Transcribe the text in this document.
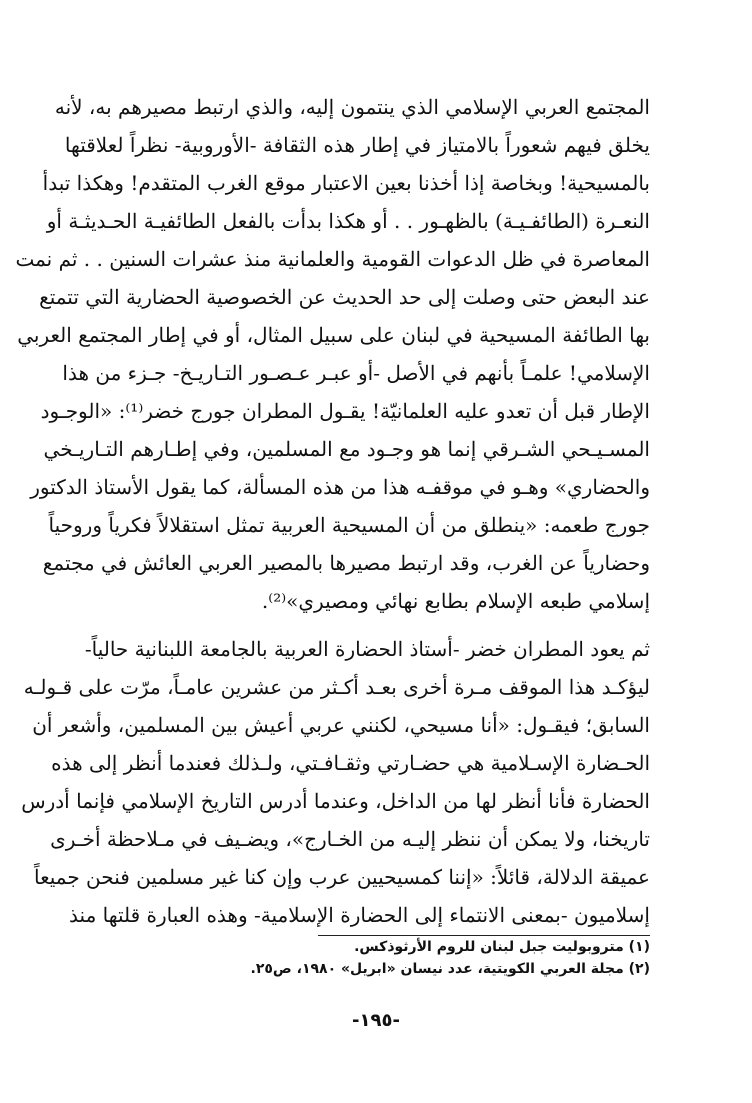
المجتمع العربي الإسلامي الذي ينتمون إليه، والذي ارتبط مصيرهم به، لأنه
يخلق فيهم شعوراً بالامتياز في إطار هذه الثقافة -الأوروبية- نظراً لعلاقتها
بالمسيحية! وبخاصة إذا أخذنا بعين الاعتبار موقع الغرب المتقدم! وهكذا تبدأ
النعـرة (الطائفـيـة) بالظهـور . . أو هكذا بدأت بالفعل الطائفيـة الحـديثـة أو
المعاصرة في ظل الدعوات القومية والعلمانية منذ عشرات السنين . . ثم نمت
عند البعض حتى وصلت إلى حد الحديث عن الخصوصية الحضارية التي تتمتع
بها الطائفة المسيحية في لبنان على سبيل المثال، أو في إطار المجتمع العربي
الإسلامي! علمـاً بأنهم في الأصل -أو عبـر عـصـور التـاريـخ- جـزء من هذا
الإطار قبل أن تعدو عليه العلمانيّة! يقـول المطران جورج خضر⁽¹⁾: «الوجـود
المسـيـحي الشـرقي إنما هو وجـود مع المسلمين، وفي إطـارهم التـاريـخي
والحضاري» وهـو في موقفـه هذا من هذه المسألة، كما يقول الأستاذ الدكتور
جورج طعمه: «ينطلق من أن المسيحية العربية تمثل استقلالاً فكرياً وروحياً
وحضارياً عن الغرب، وقد ارتبط مصيرها بالمصير العربي العائش في مجتمع
إسلامي طبعه الإسلام بطابع نهائي ومصيري»⁽²⁾.
ثم يعود المطران خضر -أستاذ الحضارة العربية بالجامعة اللبنانية حالياً-
ليؤكـد هذا الموقف مـرة أخرى بعـد أكـثر من عشرين عامـاً، مرّت على قـولـه
السابق؛ فيقـول: «أنا مسيحي، لكنني عربي أعيش بين المسلمين، وأشعر أن
الحـضارة الإسـلامية هي حضـارتي وثقـافـتي، ولـذلك فعندما أنظر إلى هذه
الحضارة فأنا أنظر لها من الداخل، وعندما أدرس التاريخ الإسلامي فإنما أدرس
تاريخنا، ولا يمكن أن ننظر إليـه من الخـارج»، ويضـيف في مـلاحظة أخـرى
عميقة الدلالة، قائلاً: «إننا كمسيحيين عرب وإن كنا غير مسلمين فنحن جميعاً
إسلاميون -بمعنى الانتماء إلى الحضارة الإسلامية- وهذه العبارة قلتها منذ
(١) متروبوليت جبل لبنان للروم الأرثوذكس.
(٢) مجلة العربي الكويتية، عدد نيسان «ابريل» ١٩٨٠، ص٢٥.
-١٩٥-
